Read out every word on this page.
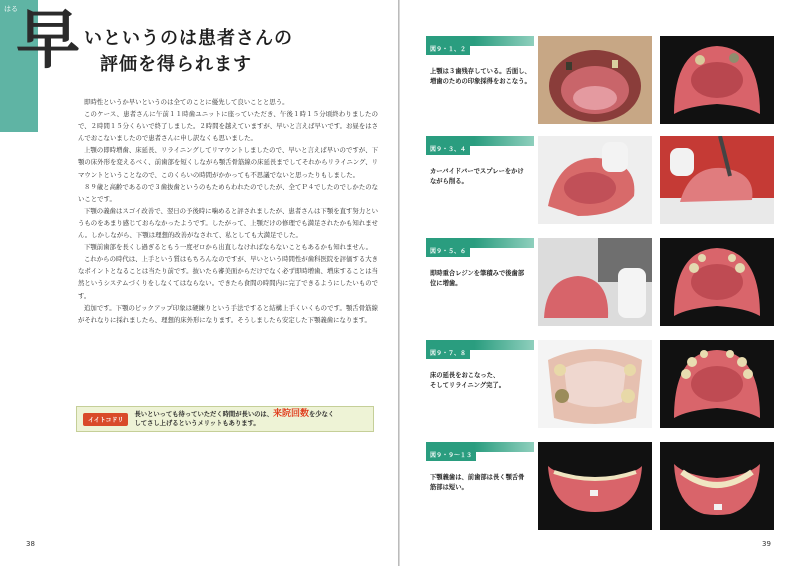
はる
早 いというのは患者さんの
評価を得られます

即時性というか早いというのは全てのことに優先して良いことと思う。

このケース、患者さんに午前１１時歯ユニットに座っていただき、午後１時１５分頃終わりましたので、２時間１５分くらいで終了しました。２時間を越えていますが、早いと言えば早いです。お昼をはさんでおこないましたので患者さんに申し訳なくも思いました。

上顎の即時増歯、床延長、リライニングしてリマウントしましたので、早いと言えば早いのですが、下顎の床外形を変えるべく、前歯部を短くしながら顎舌骨筋線の床延長までしてそれからリライニング、リマウントということなので、このくらいの時間がかかっても不思議でないと思ったりもしました。

８９歳と高齢であるので３歯抜歯というのもためらわれたのでしたが、全てＰ４でしたのでしかたのないことです。

下顎の義歯はスゴイ改善で、翌日の予後時に噛めると評されましたが、患者さんは下顎を直す努力というものをあまり感じておらなかったようです。したがって、上顎だけの修理でも満足されたかも知れません。しかしながら、下顎は理想的改善がなされて、私としても大満足でした。

下顎前歯部を長くし過ぎるともう一度ゼロから出直しなければならないこともあるかも知れません。

これからの時代は、上手という質はもちろんなのですが、早いという時間性が歯科医院を評価する大きなポイントとなることは当たり前です。抜いたら審美面からだけでなく必ず即時増歯、増床することは当然というシステムづくりをしなくてはならない。できたら食間の時間内に完了できるようにしたいものです。

追加です。下顎のピックアップ印象は硬練りという手法ですると結構上手くいくものです。顎舌骨筋線がそれなりに採れましたら、理想的床外形になります。そうしましたら安定した下顎義歯になります。

イイトコドリ
長いといっても待っていただく時間が長いのは、来院回数を少なく
してさし上げるというメリットもあります。
38
図９・１、２
上顎は３歯残存している。舌面し、
増歯のための印象採得をおこなう。
図９・３、４
カーバイドバーでスプレーをかけ
ながら削る。
図９・５、６
即時重合レジンを筆積みで後歯部
位に増歯。
図９・７、８
床の延長をおこなった、
そしてリライニング完了。
図９・９～１３
下顎義歯は、前歯部は長く顎舌骨
筋部は短い。
39
